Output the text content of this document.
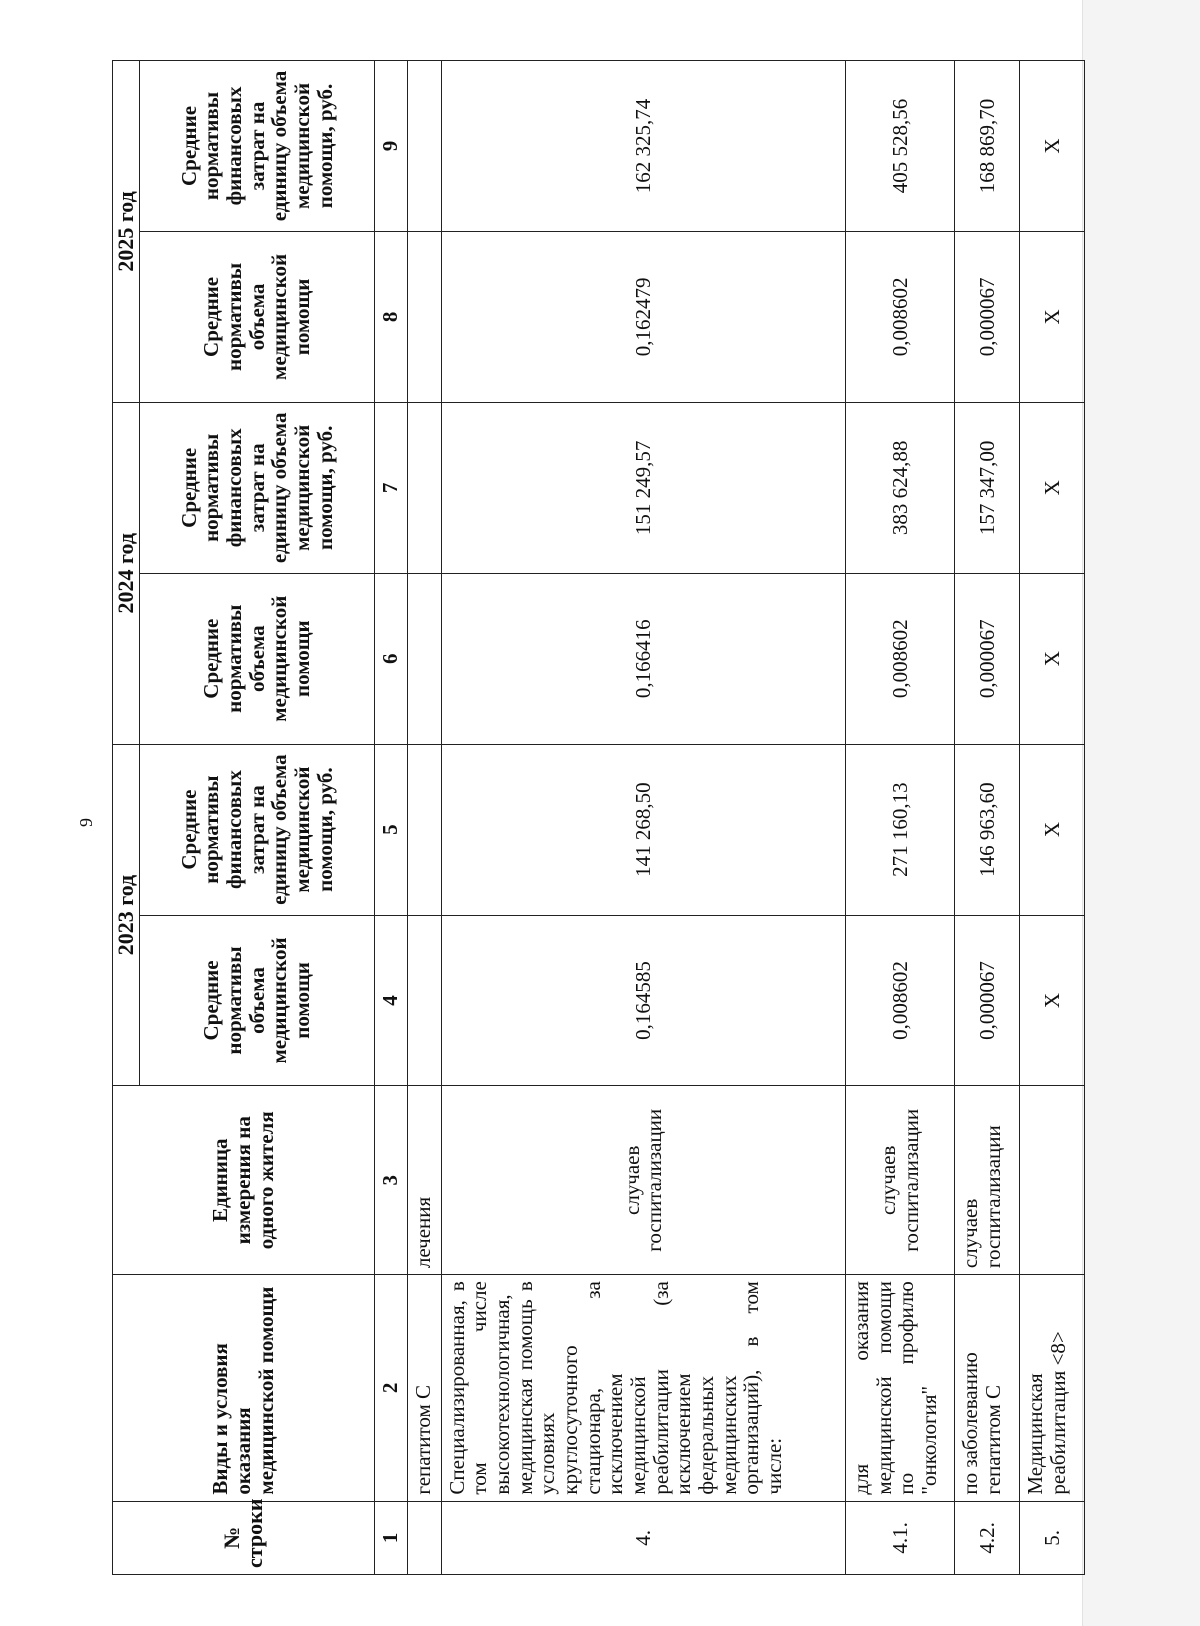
9
№ строки	Виды и условия оказания медицинской помощи	Единица измерения на одного жителя	2023 год		2024 год		2025 год	
			Средние нормативы объема медицинской помощи	Средние нормативы финансовых затрат на единицу объема медицинской помощи, руб.	Средние нормативы объема медицинской помощи	Средние нормативы финансовых затрат на единицу объема медицинской помощи, руб.	Средние нормативы объема медицинской помощи	Средние нормативы финансовых затрат на единицу объема медицинской помощи, руб.
1	2	3	4	5	6	7	8	9
	гепатитом С	лечения						
4.	Специализированная, в том числе высокотехнологичная, медицинская помощь в условиях круглосуточного стационара, за исключением медицинской реабилитации (за исключением федеральных медицинских организаций), в том числе:	случаев госпитализации	0,164585	141 268,50	0,166416	151 249,57	0,162479	162 325,74
4.1.	для оказания медицинской помощи по профилю "онкология"	случаев госпитализации	0,008602	271 160,13	0,008602	383 624,88	0,008602	405 528,56
4.2.	по заболеванию гепатитом С	случаев госпитализации	0,000067	146 963,60	0,000067	157 347,00	0,000067	168 869,70
5.	Медицинская реабилитация <8>		X	X	X	X	X	X
